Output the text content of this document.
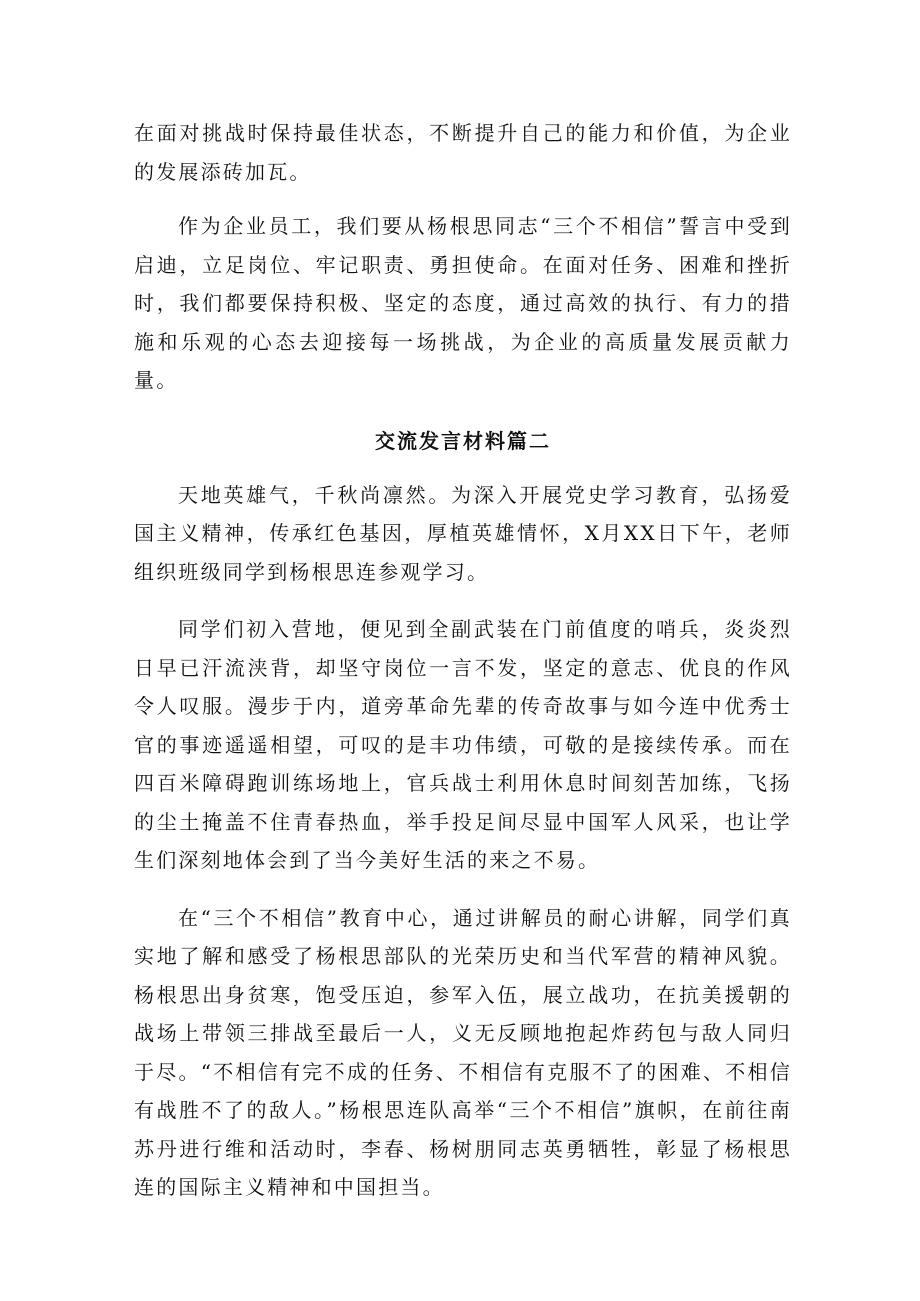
在面对挑战时保持最佳状态，不断提升自己的能力和价值，为企业的发展添砖加瓦。

作为企业员工，我们要从杨根思同志“三个不相信”誓言中受到启迪，立足岗位、牢记职责、勇担使命。在面对任务、困难和挫折时，我们都要保持积极、坚定的态度，通过高效的执行、有力的措施和乐观的心态去迎接每一场挑战，为企业的高质量发展贡献力量。

交流发言材料篇二

天地英雄气，千秋尚凛然。为深入开展党史学习教育，弘扬爱国主义精神，传承红色基因，厚植英雄情怀，X月XX日下午，老师组织班级同学到杨根思连参观学习。

同学们初入营地，便见到全副武装在门前值度的哨兵，炎炎烈日早已汗流浃背，却坚守岗位一言不发，坚定的意志、优良的作风令人叹服。漫步于内，道旁革命先辈的传奇故事与如今连中优秀士官的事迹遥遥相望，可叹的是丰功伟绩，可敬的是接续传承。而在四百米障碍跑训练场地上，官兵战士利用休息时间刻苦加练，飞扬的尘土掩盖不住青春热血，举手投足间尽显中国军人风采，也让学生们深刻地体会到了当今美好生活的来之不易。

在“三个不相信”教育中心，通过讲解员的耐心讲解，同学们真实地了解和感受了杨根思部队的光荣历史和当代军营的精神风貌。杨根思出身贫寒，饱受压迫，参军入伍，展立战功，在抗美援朝的战场上带领三排战至最后一人，义无反顾地抱起炸药包与敌人同归于尽。“不相信有完不成的任务、不相信有克服不了的困难、不相信有战胜不了的敌人。”杨根思连队高举“三个不相信”旗帜，在前往南苏丹进行维和活动时，李春、杨树朋同志英勇牺牲，彰显了杨根思连的国际主义精神和中国担当。
